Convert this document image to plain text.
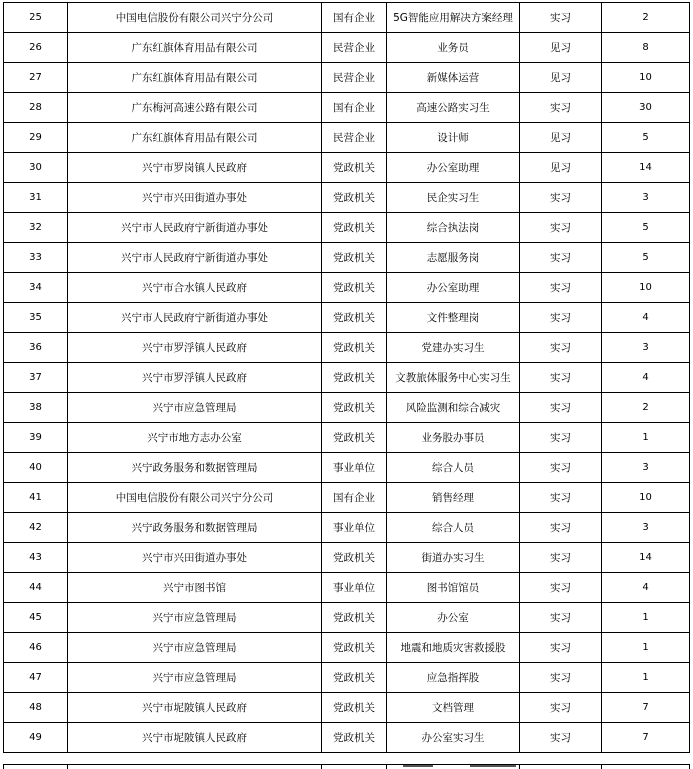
25	中国电信股份有限公司兴宁分公司	国有企业	5G智能应用解决方案经理	实习	2
26	广东红旗体育用品有限公司	民营企业	业务员	见习	8
27	广东红旗体育用品有限公司	民营企业	新媒体运营	见习	10
28	广东梅河高速公路有限公司	国有企业	高速公路实习生	实习	30
29	广东红旗体育用品有限公司	民营企业	设计师	见习	5
30	兴宁市罗岗镇人民政府	党政机关	办公室助理	见习	14
31	兴宁市兴田街道办事处	党政机关	民企实习生	实习	3
32	兴宁市人民政府宁新街道办事处	党政机关	综合执法岗	实习	5
33	兴宁市人民政府宁新街道办事处	党政机关	志愿服务岗	实习	5
34	兴宁市合水镇人民政府	党政机关	办公室助理	实习	10
35	兴宁市人民政府宁新街道办事处	党政机关	文件整理岗	实习	4
36	兴宁市罗浮镇人民政府	党政机关	党建办实习生	实习	3
37	兴宁市罗浮镇人民政府	党政机关	文教旅体服务中心实习生	实习	4
38	兴宁市应急管理局	党政机关	风险监测和综合减灾	实习	2
39	兴宁市地方志办公室	党政机关	业务股办事员	实习	1
40	兴宁政务服务和数据管理局	事业单位	综合人员	实习	3
41	中国电信股份有限公司兴宁分公司	国有企业	销售经理	实习	10
42	兴宁政务服务和数据管理局	事业单位	综合人员	实习	3
43	兴宁市兴田街道办事处	党政机关	街道办实习生	实习	14
44	兴宁市图书馆	事业单位	图书馆馆员	实习	4
45	兴宁市应急管理局	党政机关	办公室	实习	1
46	兴宁市应急管理局	党政机关	地震和地质灾害救援股	实习	1
47	兴宁市应急管理局	党政机关	应急指挥股	实习	1
48	兴宁市坭陂镇人民政府	党政机关	文档管理	实习	7
49	兴宁市坭陂镇人民政府	党政机关	办公室实习生	实习	7
